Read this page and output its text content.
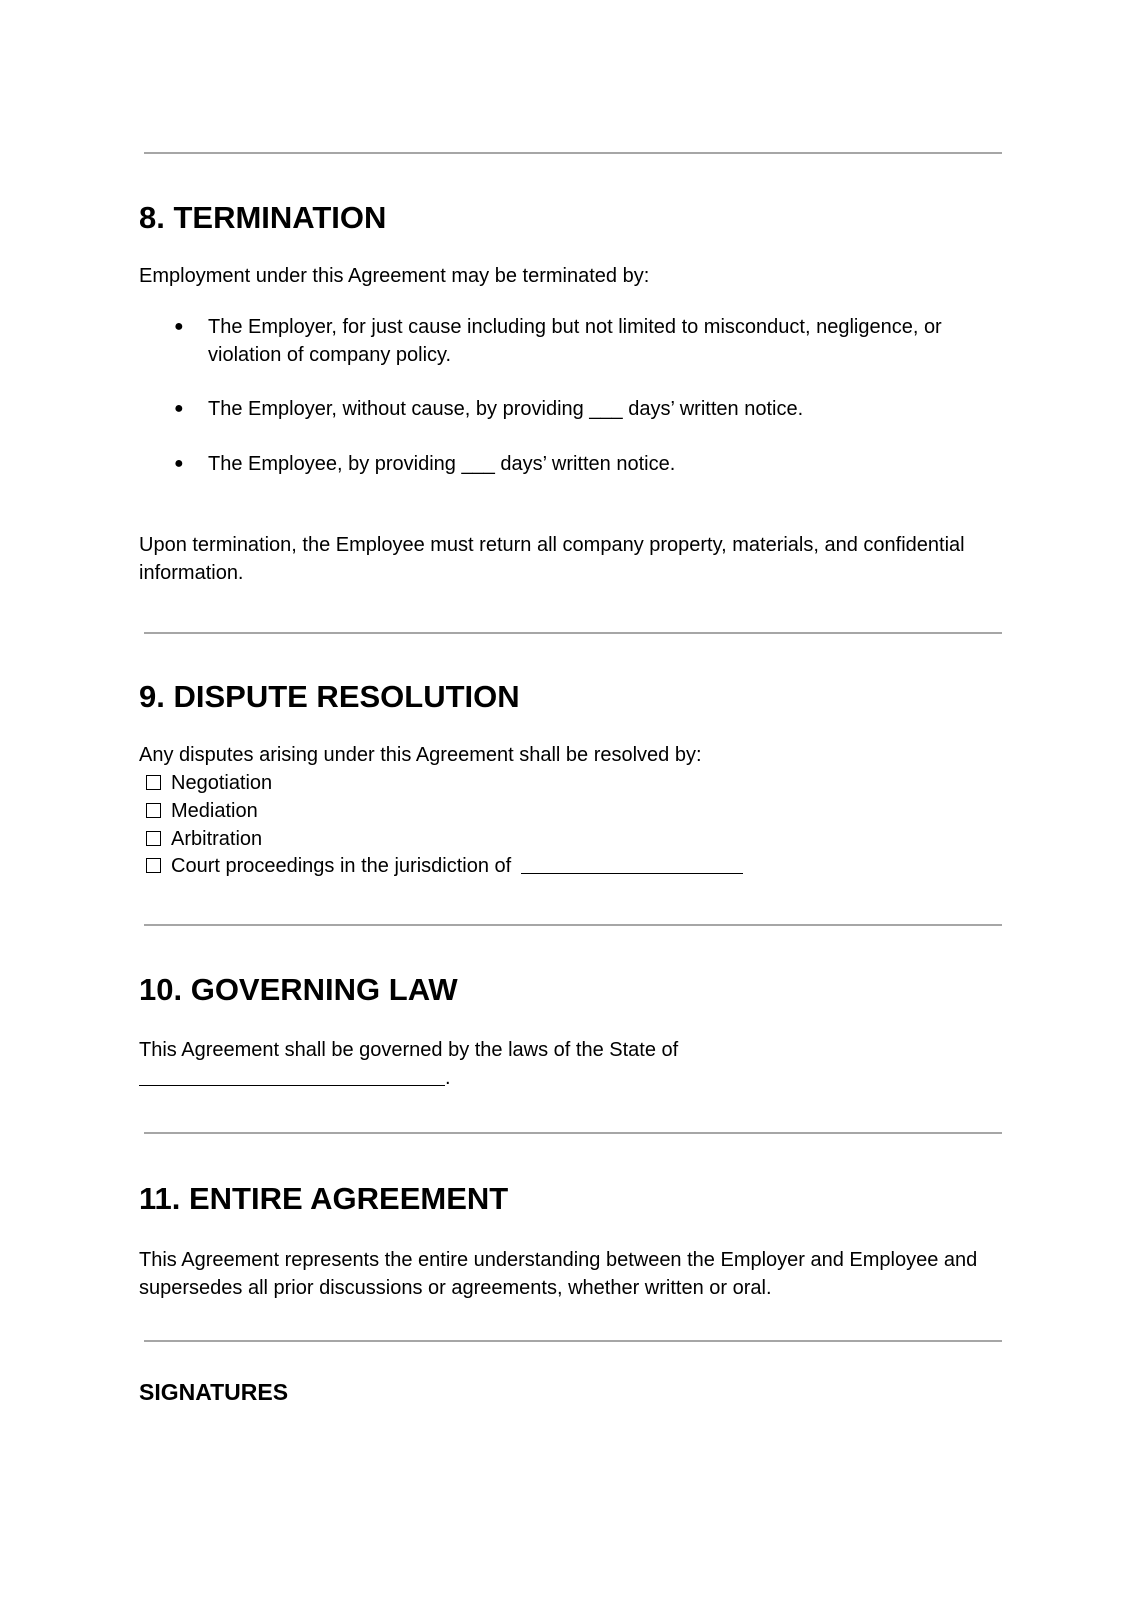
8. TERMINATION

Employment under this Agreement may be terminated by:

●	The Employer, for just cause including but not limited to misconduct, negligence, or violation of company policy.
●	The Employer, without cause, by providing ___ days’ written notice.
●	The Employee, by providing ___ days’ written notice.

Upon termination, the Employee must return all company property, materials, and confidential information.

9. DISPUTE RESOLUTION

Any disputes arising under this Agreement shall be resolved by:

Negotiation
Mediation
Arbitration
Court proceedings in the jurisdiction of
10. GOVERNING LAW

This Agreement shall be governed by the laws of the State of

.
11. ENTIRE AGREEMENT

This Agreement represents the entire understanding between the Employer and Employee and supersedes all prior discussions or agreements, whether written or oral.

SIGNATURES
